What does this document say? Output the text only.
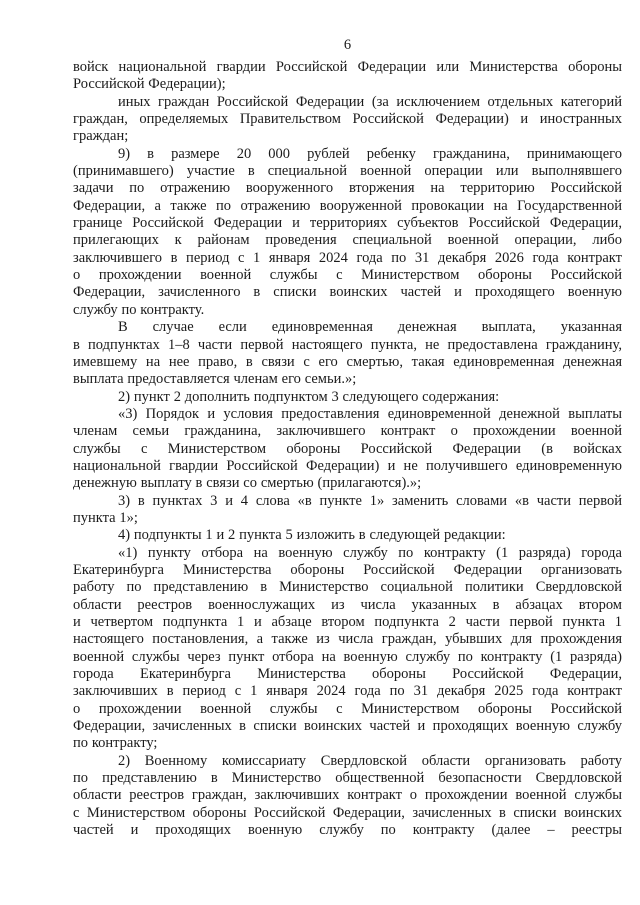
6
войск национальной гвардии Российской Федерации или Министерства обороны
Российской Федерации);
иных граждан Российской Федерации (за исключением отдельных категорий
граждан, определяемых Правительством Российской Федерации) и иностранных
граждан;
9) в размере 20 000 рублей ребенку гражданина, принимающего
(принимавшего) участие в специальной военной операции или выполнявшего
задачи по отражению вооруженного вторжения на территорию Российской
Федерации, а также по отражению вооруженной провокации на Государственной
границе Российской Федерации и территориях субъектов Российской Федерации,
прилегающих к районам проведения специальной военной операции, либо
заключившего в период с 1 января 2024 года по 31 декабря 2026 года контракт
о прохождении военной службы с Министерством обороны Российской
Федерации, зачисленного в списки воинских частей и проходящего военную
службу по контракту.
В случае если единовременная денежная выплата, указанная
в подпунктах 1–8 части первой настоящего пункта, не предоставлена гражданину,
имевшему на нее право, в связи с его смертью, такая единовременная денежная
выплата предоставляется членам его семьи.»;
2) пункт 2 дополнить подпунктом 3 следующего содержания:
«3) Порядок и условия предоставления единовременной денежной выплаты
членам семьи гражданина, заключившего контракт о прохождении военной
службы с Министерством обороны Российской Федерации (в войсках
национальной гвардии Российской Федерации) и не получившего единовременную
денежную выплату в связи со смертью (прилагаются).»;
3) в пунктах 3 и 4 слова «в пункте 1» заменить словами «в части первой
пункта 1»;
4) подпункты 1 и 2 пункта 5 изложить в следующей редакции:
«1) пункту отбора на военную службу по контракту (1 разряда) города
Екатеринбурга Министерства обороны Российской Федерации организовать
работу по представлению в Министерство социальной политики Свердловской
области реестров военнослужащих из числа указанных в абзацах втором
и четвертом подпункта 1 и абзаце втором подпункта 2 части первой пункта 1
настоящего постановления, а также из числа граждан, убывших для прохождения
военной службы через пункт отбора на военную службу по контракту (1 разряда)
города Екатеринбурга Министерства обороны Российской Федерации,
заключивших в период с 1 января 2024 года по 31 декабря 2025 года контракт
о прохождении военной службы с Министерством обороны Российской
Федерации, зачисленных в списки воинских частей и проходящих военную службу
по контракту;
2) Военному комиссариату Свердловской области организовать работу
по представлению в Министерство общественной безопасности Свердловской
области реестров граждан, заключивших контракт о прохождении военной службы
с Министерством обороны Российской Федерации, зачисленных в списки воинских
частей и проходящих военную службу по контракту (далее – реестры
